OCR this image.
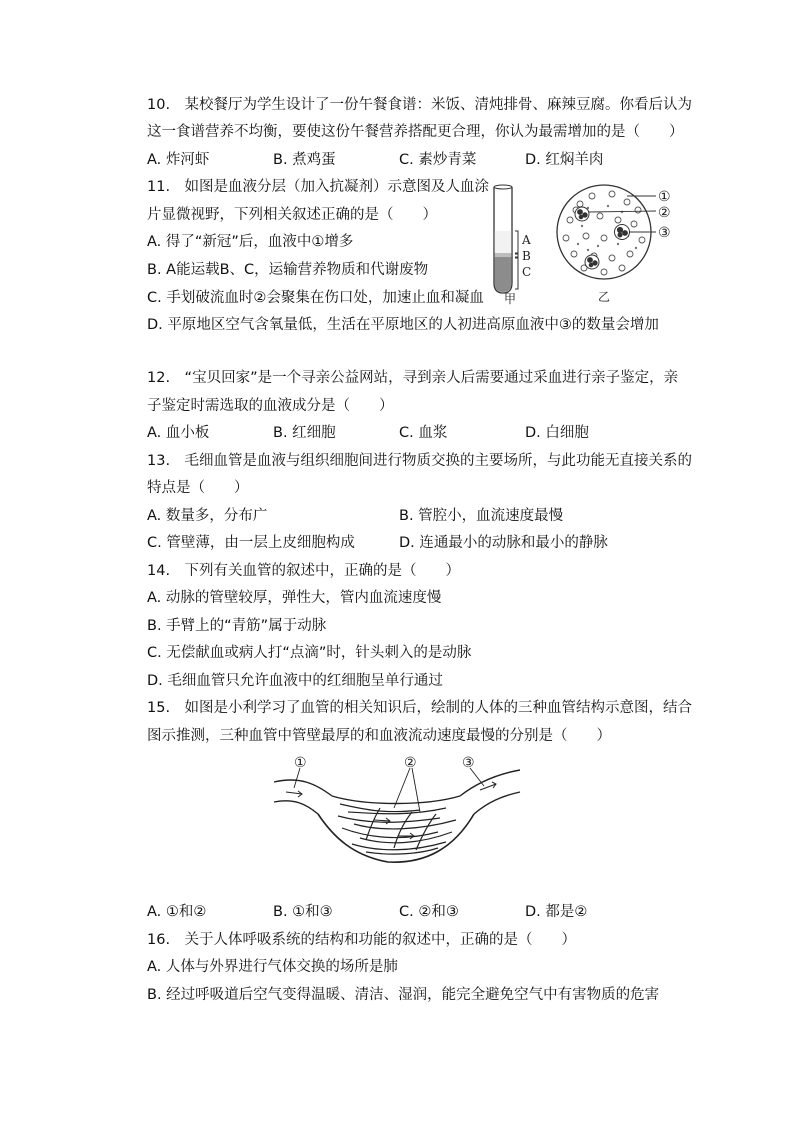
10.　某校餐厅为学生设计了一份午餐食谱：米饭、清炖排骨、麻辣豆腐。你看后认为
这一食谱营养不均衡，要使这份午餐营养搭配更合理，你认为最需增加的是（　　）
A. 炸河虾	B. 煮鸡蛋	C. 素炒青菜	D. 红焖羊肉
11.　如图是血液分层（加入抗凝剂）示意图及人血涂
片显微视野，下列相关叙述正确的是（　　）
A. 得了“新冠”后，血液中①增多
B. A能运载B、C，运输营养物质和代谢废物
C. 手划破流血时②会聚集在伤口处，加速止血和凝血
D. 平原地区空气含氧量低，生活在平原地区的人初进高原血液中③的数量会增加
A
B
C
甲
①
②
③
乙
12.　“宝贝回家”是一个寻亲公益网站，寻到亲人后需要通过采血进行亲子鉴定，亲
子鉴定时需选取的血液成分是（　　）
A. 血小板	B. 红细胞	C. 血浆	D. 白细胞
13.　毛细血管是血液与组织细胞间进行物质交换的主要场所，与此功能无直接关系的
特点是（　　）
A. 数量多，分布广	B. 管腔小，血流速度最慢
C. 管壁薄，由一层上皮细胞构成	D. 连通最小的动脉和最小的静脉
14.　下列有关血管的叙述中，正确的是（　　）
A. 动脉的管壁较厚，弹性大，管内血流速度慢
B. 手臂上的“青筋”属于动脉
C. 无偿献血或病人打“点滴”时，针头刺入的是动脉
D. 毛细血管只允许血液中的红细胞呈单行通过
15.　如图是小利学习了血管的相关知识后，绘制的人体的三种血管结构示意图，结合
图示推测，三种血管中管壁最厚的和血液流动速度最慢的分别是（　　）
①	②	③
A. ①和②	B. ①和③	C. ②和③	D. 都是②
16.　关于人体呼吸系统的结构和功能的叙述中，正确的是（　　）
A. 人体与外界进行气体交换的场所是肺
B. 经过呼吸道后空气变得温暖、清洁、湿润，能完全避免空气中有害物质的危害
